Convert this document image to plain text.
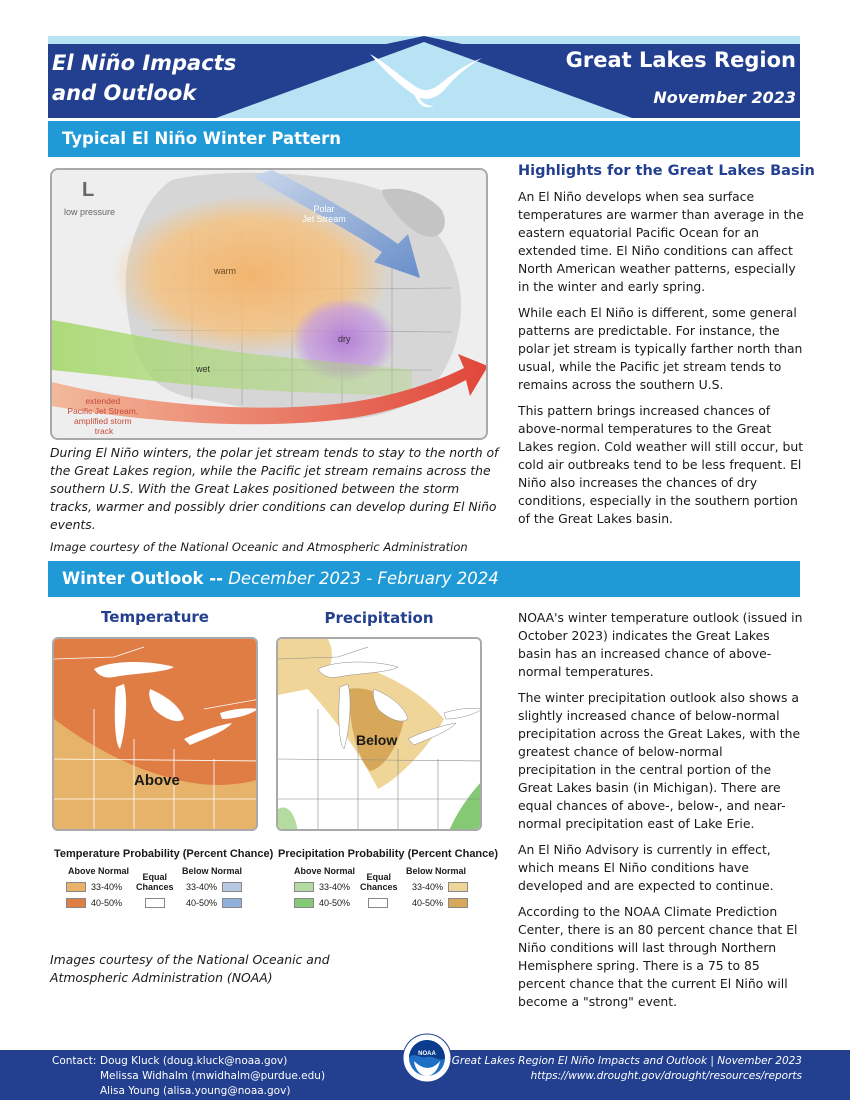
El Niño Impacts
and Outlook
Great Lakes Region
November 2023
Typical El Niño Winter Pattern
L
low pressure	Polar Jet Stream
warm
dry
wet
extended Pacific Jet Stream, amplified storm track
During El Niño winters, the polar jet stream tends to stay to the north of the Great Lakes region, while the Pacific jet stream remains across the southern U.S. With the Great Lakes positioned between the storm tracks, warmer and possibly drier conditions can develop during El Niño events.
Image courtesy of the National Oceanic and Atmospheric Administration
Highlights for the Great Lakes Basin

An El Niño develops when sea surface temperatures are warmer than average in the eastern equatorial Pacific Ocean for an extended time. El Niño conditions can affect North American weather patterns, especially in the winter and early spring.

While each El Niño is different, some general patterns are predictable. For instance, the polar jet stream is typically farther north than usual, while the Pacific jet stream tends to remains across the southern U.S.

This pattern brings increased chances of above-normal temperatures to the Great Lakes region. Cold weather will still occur, but cold air outbreaks tend to be less frequent. El Niño also increases the chances of dry conditions, especially in the southern portion of the Great Lakes basin.

Winter Outlook -- December 2023 - February 2024
Temperature	Precipitation
Above
Below
Temperature Probability (Percent Chance)
Above Normal
Equal
Chances
Below Normal
33-40%
40-50%
33-40%
40-50%
Precipitation Probability (Percent Chance)
Above Normal
Equal
Chances
Below Normal
33-40%
40-50%
33-40%
40-50%
Images courtesy of the National Oceanic and Atmospheric Administration (NOAA)

NOAA's winter temperature outlook (issued in October 2023) indicates the Great Lakes basin has an increased chance of above-normal temperatures.

The winter precipitation outlook also shows a slightly increased chance of below-normal precipitation across the Great Lakes, with the greatest chance of below-normal precipitation in the central portion of the Great Lakes basin (in Michigan). There are equal chances of above-, below-, and near-normal precipitation east of Lake Erie.

An El Niño Advisory is currently in effect, which means El Niño conditions have developed and are expected to continue.

According to the NOAA Climate Prediction Center, there is an 80 percent chance that El Niño conditions will last through Northern Hemisphere spring. There is a 75 to 85 percent chance that the current El Niño will become a "strong" event.

Contact: Doug Kluck (doug.kluck@noaa.gov)
Melissa Widhalm (mwidhalm@purdue.edu)
Alisa Young (alisa.young@noaa.gov)
Great Lakes Region El Niño Impacts and Outlook | November 2023
https://www.drought.gov/drought/resources/reports
NOAA
